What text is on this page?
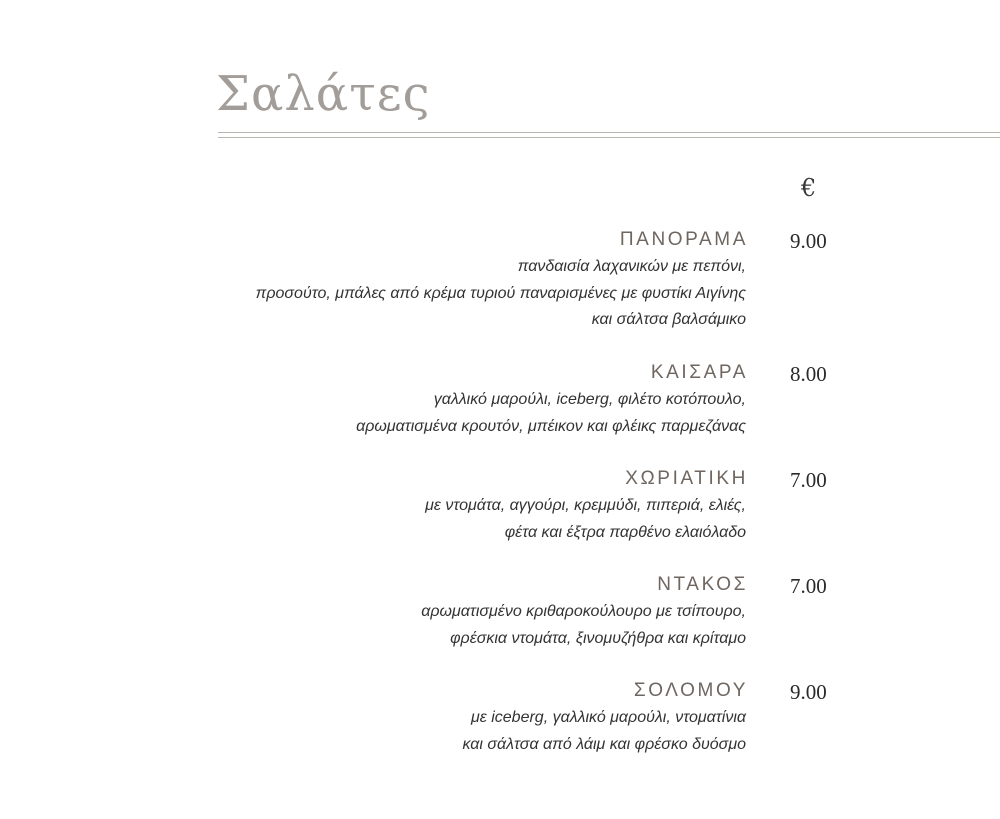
Σαλάτες
€
ΠΑΝΟΡΑΜΑ
πανδαισία λαχανικών με πεπόνι,
προσούτο, μπάλες από κρέμα τυριού παναρισμένες με φυστίκι Αιγίνης
και σάλτσα βαλσάμικο
9.00
ΚΑΙΣΑΡΑ
γαλλικό μαρούλι, iceberg, φιλέτο κοτόπουλο,
αρωματισμένα κρουτόν, μπέικον και φλέικς παρμεζάνας
8.00
ΧΩΡΙΑΤΙΚΗ
με ντομάτα, αγγούρι, κρεμμύδι, πιπεριά, ελιές,
φέτα και έξτρα παρθένο ελαιόλαδο
7.00
ΝΤΑΚΟΣ
αρωματισμένο κριθαροκούλουρο με τσίπουρο,
φρέσκια ντομάτα, ξινομυζήθρα και κρίταμο
7.00
ΣΟΛΟΜΟΥ
με iceberg, γαλλικό μαρούλι, ντοματίνια
και σάλτσα από λάιμ και φρέσκο δυόσμο
9.00
